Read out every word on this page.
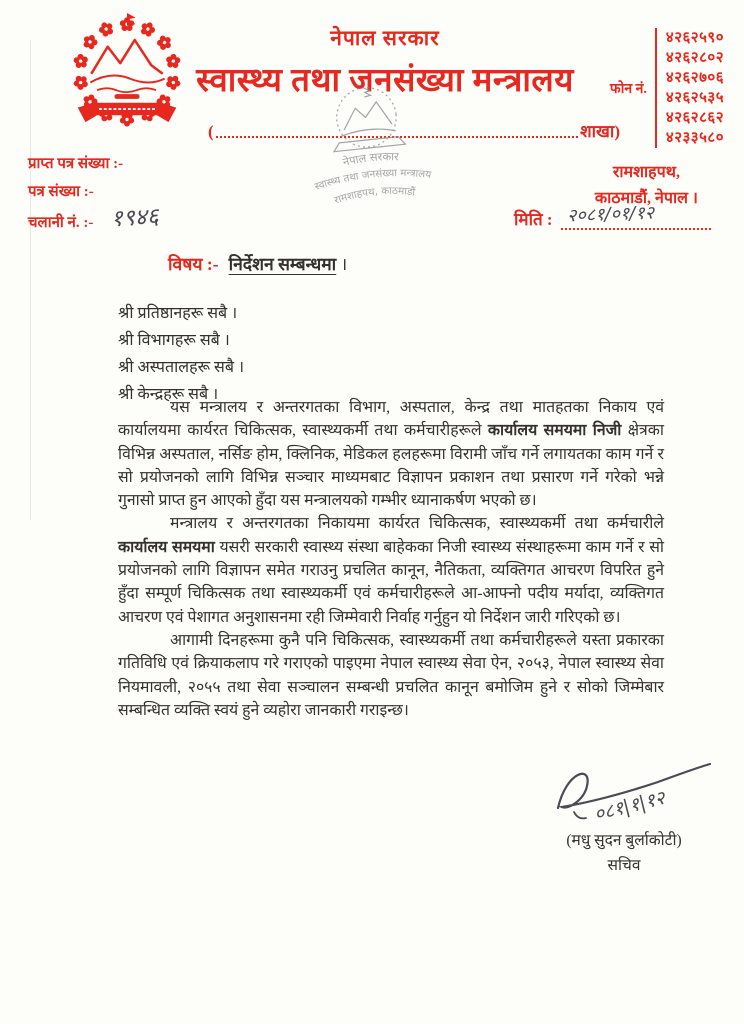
नेपाल सरकार
स्वास्थ्य तथा जनसंख्या मन्त्रालय
(	शाखा)
नेपाल सरकार
स्वास्थ्य तथा जनसंख्या मन्त्रालय
रामशाहपथ, काठमाडौं
फोन नं.
४२६२५९०
४२६२८०२
४२६२७०६
४२६२५३५
४२६२८६२
४२३३५८०
रामशाहपथ,
काठमाडौं, नेपाल ।
प्राप्त पत्र संख्या :-
पत्र संख्या :-
चलानी नं. :- १९४६	मिति : २०८१/०१/१२
विषय :- निर्देशन सम्बन्धमा ।
श्री प्रतिष्ठानहरू सबै ।
श्री विभागहरू सबै ।
श्री अस्पतालहरू सबै ।
श्री केन्द्रहरू सबै ।

यस मन्त्रालय र अन्तरगतका विभाग, अस्पताल, केन्द्र तथा मातहतका निकाय एवं कार्यालयमा कार्यरत चिकित्सक, स्वास्थ्यकर्मी तथा कर्मचारीहरूले कार्यालय समयमा निजी क्षेत्रका विभिन्न अस्पताल, नर्सिङ होम, क्लिनिक, मेडिकल हलहरूमा विरामी जाँच गर्ने लगायतका काम गर्ने र सो प्रयोजनको लागि विभिन्न सञ्चार माध्यमबाट विज्ञापन प्रकाशन तथा प्रसारण गर्ने गरेको भन्ने गुनासो प्राप्त हुन आएको हुँदा यस मन्त्रालयको गम्भीर ध्यानाकर्षण भएको छ।

मन्त्रालय र अन्तरगतका निकायमा कार्यरत चिकित्सक, स्वास्थ्यकर्मी तथा कर्मचारीले कार्यालय समयमा यसरी सरकारी स्वास्थ्य संस्था बाहेकका निजी स्वास्थ्य संस्थाहरूमा काम गर्ने र सो प्रयोजनको लागि विज्ञापन समेत गराउनु प्रचलित कानून, नैतिकता, व्यक्तिगत आचरण विपरित हुने हुँदा सम्पूर्ण चिकित्सक तथा स्वास्थ्यकर्मी एवं कर्मचारीहरूले आ-आफ्नो पदीय मर्यादा, व्यक्तिगत आचरण एवं पेशागत अनुशासनमा रही जिम्मेवारी निर्वाह गर्नुहुन यो निर्देशन जारी गरिएको छ।

आगामी दिनहरूमा कुनै पनि चिकित्सक, स्वास्थ्यकर्मी तथा कर्मचारीहरूले यस्ता प्रकारका गतिविधि एवं क्रियाकलाप गरे गराएको पाइएमा नेपाल स्वास्थ्य सेवा ऐन, २०५३, नेपाल स्वास्थ्य सेवा नियमावली, २०५५ तथा सेवा सञ्चालन सम्बन्धी प्रचलित कानून बमोजिम हुने र सोको जिम्मेबार सम्बन्धित व्यक्ति स्वयं हुने व्यहोरा जानकारी गराइन्छ।

०८१|१|१२
(मधु सुदन बुर्लाकोटी)
सचिव
